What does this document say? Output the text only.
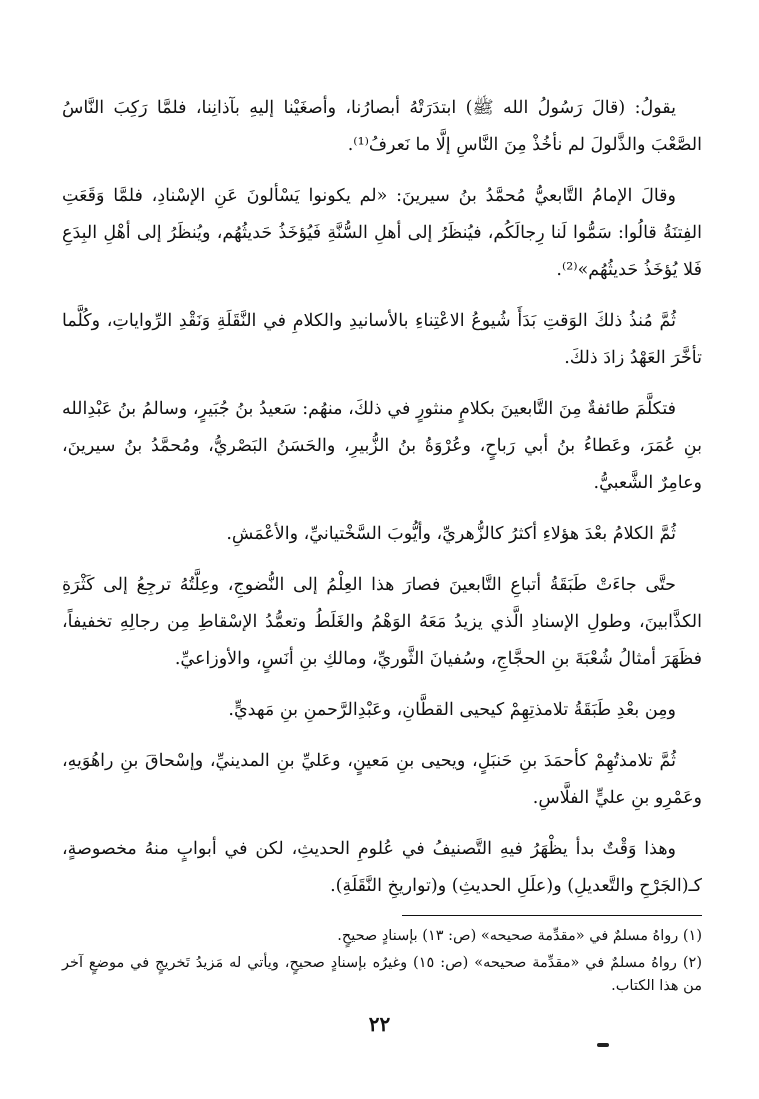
يقولُ: (قالَ رَسُولُ الله ﷺ) ابتدَرَتْهُ أبصارُنا، وأصغَيْنا إليهِ بآذانِنا، فلمَّا رَكِبَ النَّاسُ الصَّعْبَ والذَّلولَ لم نأخُذْ مِنَ النَّاسِ إلَّا ما نَعرفُ⁽¹⁾.

وقالَ الإمامُ التَّابعيُّ مُحمَّدُ بنُ سيرينَ: «لم يكونوا يَسْألونَ عَنِ الإسْنادِ، فلمَّا وَقَعَتِ الفِتنَةُ قالُوا: سَمُّوا لَنا رِجالَكُم، فيُنظَرُ إلى أهلِ السُّنَّةِ فَيُؤخَذُ حَديثُهُم، ويُنظَرُ إلى أهْلِ البِدَعِ فَلا يُؤخَذُ حَديثُهُم»⁽²⁾.

ثُمَّ مُنذُ ذلكَ الوَقتِ بَدَأَ شُيوعُ الاعْتِناءِ بالأسانيدِ والكلامِ في النَّقَلَةِ وَنَقْدِ الرِّواياتِ، وكُلَّما تأخَّرَ العَهْدُ زادَ ذلكَ.

فتكلَّمَ طائفةٌ مِنَ التَّابعينَ بكلامٍ منثورٍ في ذلكَ، منهُم: سَعيدُ بنُ جُبَيرٍ، وسالمُ بنُ عَبْدِالله بنِ عُمَرَ، وعَطاءُ بنُ أبي رَباحٍ، وعُرْوَةُ بنُ الزُّبيرِ، والحَسَنُ البَصْريُّ، ومُحمَّدُ بنُ سيرينَ، وعامِرٌ الشَّعبيُّ.

ثُمَّ الكلامُ بعْدَ هؤلاءِ أكثرُ كالزُّهريِّ، وأيُّوبَ السَّخْتيانيِّ، والأعْمَشِ.

حتَّى جاءَتْ طَبَقَةُ أتباعِ التَّابعينَ فصارَ هذا العِلْمُ إلى النُّضوجِ، وعِلَّتُهُ ترجِعُ إلى كَثْرَةِ الكذَّابينَ، وطولِ الإسنادِ الَّذي يزيدُ مَعَهُ الوَهْمُ والغَلَطُ وتعمُّدُ الإسْقاطِ مِن رجالِهِ تخفيفاً، فظَهَرَ أمثالُ شُعْبَةَ بنِ الحجَّاجِ، وسُفيانَ الثَّوريِّ، ومالكِ بنِ أنَسٍ، والأوزاعيِّ.

ومِن بعْدِ طَبَقَةُ تلامذتِهِمْ كيحيى القطَّانِ، وعَبْدِالرَّحمنِ بنِ مَهديٍّ.

ثُمَّ تلامذتُهِمْ كأحمَدَ بنِ حَنبَلٍ، ويحيى بنِ مَعينٍ، وعَليِّ بنِ المدينيِّ، وإسْحاقَ بنِ راهُوَيهِ، وعَمْرِو بنِ عليٍّ الفلَّاسِ.

وهذا وَقْتٌ بدأ يظْهَرُ فيهِ التَّصنيفُ في عُلومِ الحديثِ، لكن في أبوابٍ منهُ مخصوصةٍ، كـ(الجَرْحِ والتَّعديلِ) و(علَلِ الحديثِ) و(تواريخِ النَّقَلَةِ).

(١) رواهُ مسلمٌ في «مقدِّمة صحيحه» (ص: ١٣) بإسنادٍ صحيحٍ.

(٢) رواهُ مسلمٌ في «مقدِّمة صحيحه» (ص: ١٥) وغيرُه بإسنادٍ صحيحٍ، ويأتي له مَزيدُ تَخريجٍ في موضعٍ آخر من هذا الكتاب.

٢٢
